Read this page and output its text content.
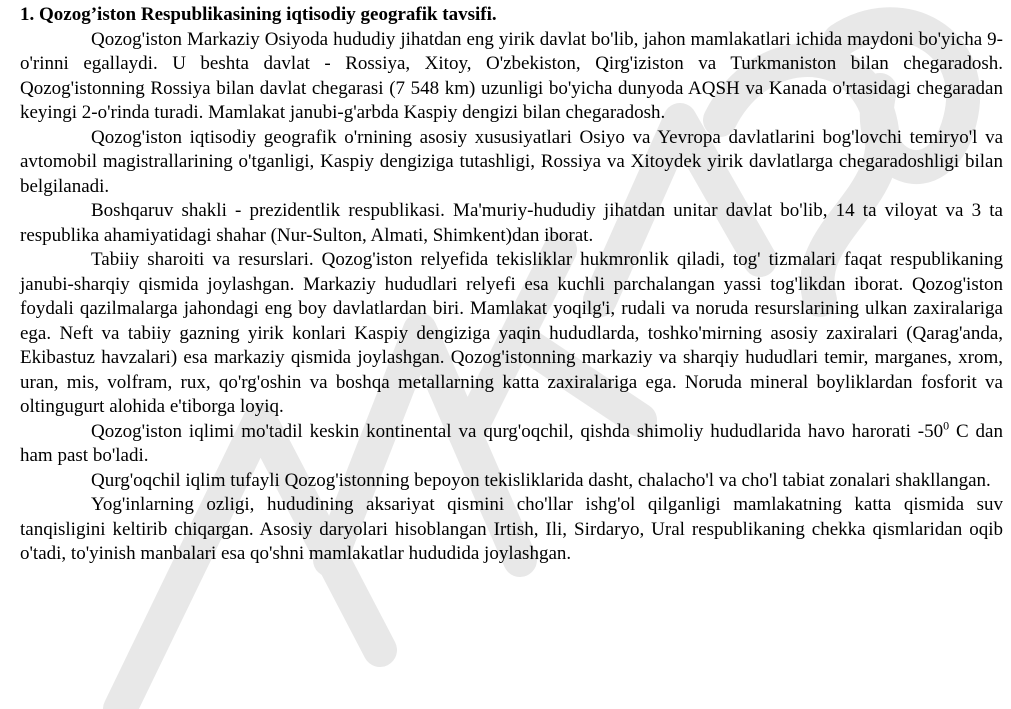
1. Qozog’iston Respublikasining iqtisodiy geografik tavsifi.

Qozog'iston Markaziy Osiyoda hududiy jihatdan eng yirik davlat bo'lib, jahon mamlakatlari ichida maydoni bo'yicha 9-o'rinni egallaydi. U beshta davlat - Rossiya, Xitoy, O'zbekiston, Qirg'iziston va Turkmaniston bilan chegaradosh. Qozog'istonning Rossiya bilan davlat chegarasi (7 548 km) uzunligi bo'yicha dunyoda AQSH va Kanada o'rtasidagi chegaradan keyingi 2-o'rinda turadi. Mamlakat janubi-g'arbda Kaspiy dengizi bilan chegaradosh.

Qozog'iston iqtisodiy geografik o'rnining asosiy xususiyatlari Osiyo va Yevropa davlatlarini bog'lovchi temiryo'l va avtomobil magistrallarining o'tganligi, Kaspiy dengiziga tutashligi, Rossiya va Xitoydek yirik davlatlarga chegaradoshligi bilan belgilanadi.

Boshqaruv shakli - prezidentlik respublikasi. Ma'muriy-hududiy jihatdan unitar davlat bo'lib, 14 ta viloyat va 3 ta respublika ahamiyatidagi shahar (Nur-Sulton, Almati, Shimkent)dan iborat.

Tabiiy sharoiti va resurslari. Qozog'iston relyefida tekisliklar hukmronlik qiladi, tog' tizmalari faqat respublikaning janubi-sharqiy qismida joylashgan. Markaziy hududlari relyefi esa kuchli parchalangan yassi tog'likdan iborat. Qozog'iston foydali qazilmalarga jahondagi eng boy davlatlardan biri. Mamlakat yoqilg'i, rudali va noruda resurslarining ulkan zaxiralariga ega. Neft va tabiiy gazning yirik konlari Kaspiy dengiziga yaqin hududlarda, toshko'mirning asosiy zaxiralari (Qarag'anda, Ekibastuz havzalari) esa markaziy qismida joylashgan. Qozog'istonning markaziy va sharqiy hududlari temir, marganes, xrom, uran, mis, volfram, rux, qo'rg'oshin va boshqa metallarning katta zaxiralariga ega. Noruda mineral boyliklardan fosforit va oltingugurt alohida e'tiborga loyiq.

Qozog'iston iqlimi mo'tadil keskin kontinental va qurg'oqchil, qishda shimoliy hududlarida havo harorati $-50^0$ C dan ham past bo'ladi.

Qurg'oqchil iqlim tufayli Qozog'istonning bepoyon tekisliklarida dasht, chalacho'l va cho'l tabiat zonalari shakllangan.

Yog'inlarning ozligi, hududining aksariyat qismini cho'llar ishg'ol qilganligi mamlakatning katta qismida suv tanqisligini keltirib chiqargan. Asosiy daryolari hisoblangan Irtish, Ili, Sirdaryo, Ural respublikaning chekka qismlaridan oqib o'tadi, to'yinish manbalari esa qo'shni mamlakatlar hududida joylashgan.
